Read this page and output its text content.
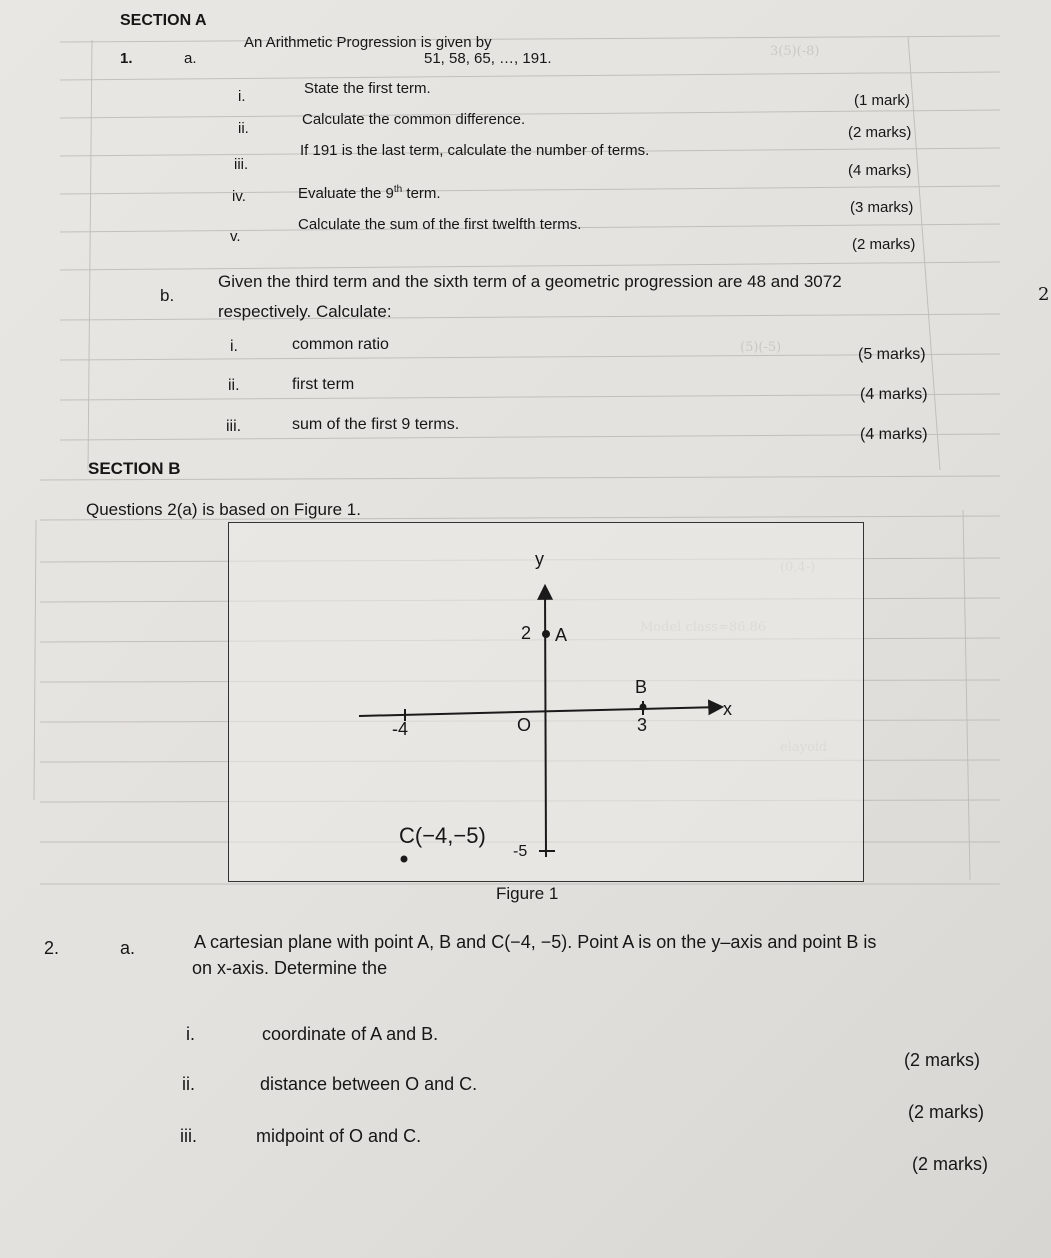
3(5)(-8)
(5)(-5)
SECTION A
1.	a.
An Arithmetic Progression is given by
51, 58, 65, …, 191.
i.	State the first term.
(1 mark)
ii.
Calculate the common difference.
(2 marks)
iii.
If 191 is the last term, calculate the number of terms.
(4 marks)
iv.	Evaluate the 9th term.
(3 marks)
v.
Calculate the sum of the first twelfth terms.
(2 marks)
b.
Given the third term and the sixth term of a geometric progression are 48 and 3072
respectively. Calculate:
2
i.	common ratio
(5 marks)
ii.	first term
(4 marks)
iii.	sum of the first 9 terms.
(4 marks)
SECTION B
Questions 2(a) is based on Figure 1.
y
x
2 A
B
-4	O	3
C(−4,−5)
-5
Figure 1
2.	a.	A cartesian plane with point A, B and C(−4, −5). Point A is on the y–axis and point B is
on x-axis. Determine the
i.	coordinate of A and B.
(2 marks)
ii.	distance between O and C.
(2 marks)
iii.	midpoint of O and C.
(2 marks)
